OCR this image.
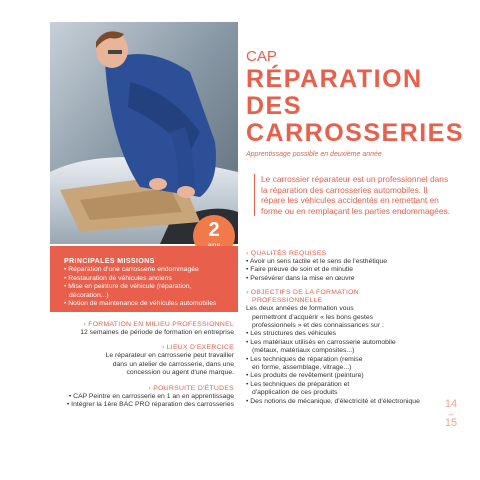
2
CAP
RÉPARATION
DES
CARROSSERIES
Apprentissage possible en deuxième année
Le carrossier réparateur est un professionnel dans la réparation des carrosseries automobiles. Il répare les véhicules accidentés en remettant en forme ou en remplaçant les parties endommagées.
PRINCIPALES MISSIONS
• Réparation d'une carrosserie endommagée
• Restauration de véhicules anciens
• Mise en peinture de véhicule (réparation,
décoration...)
• Notion de maintenance de véhicules automobiles
› FORMATION EN MILIEU PROFESSIONNEL
12 semaines de période de formation en entreprise
› LIEUX D'EXERCICE
Le réparateur en carrosserie peut travailler
dans un atelier de carrosserie, dans une
concession ou agent d'une marque.
› POURSUITE D'ÉTUDES
• CAP Peintre en carrosserie en 1 an en apprentissage
• Intégrer la 1ère BAC PRO réparation des carrosseries
› QUALITÉS REQUISES
• Avoir un sens tactile et le sens de l'esthétique
• Faire preuve de soin et de minutie
• Persévérer dans la mise en œuvre
› OBJECTIFS DE LA FORMATION
PROFESSIONNELLE
Les deux années de formation vous
permettront d'acquérir « les bons gestes
professionnels » et des connaissances sur :
• Les structures des véhicules
• Les matériaux utilisés en carrosserie automobile
(métaux, matériaux composites...)
• Les techniques de réparation (remise
en forme, assemblage, vitrage...)
• Les produits de revêtement (peinture)
• Les techniques de préparation et
d'application de ces produits
• Des notions de mécanique, d'électricité et d'électronique	14
–
15
